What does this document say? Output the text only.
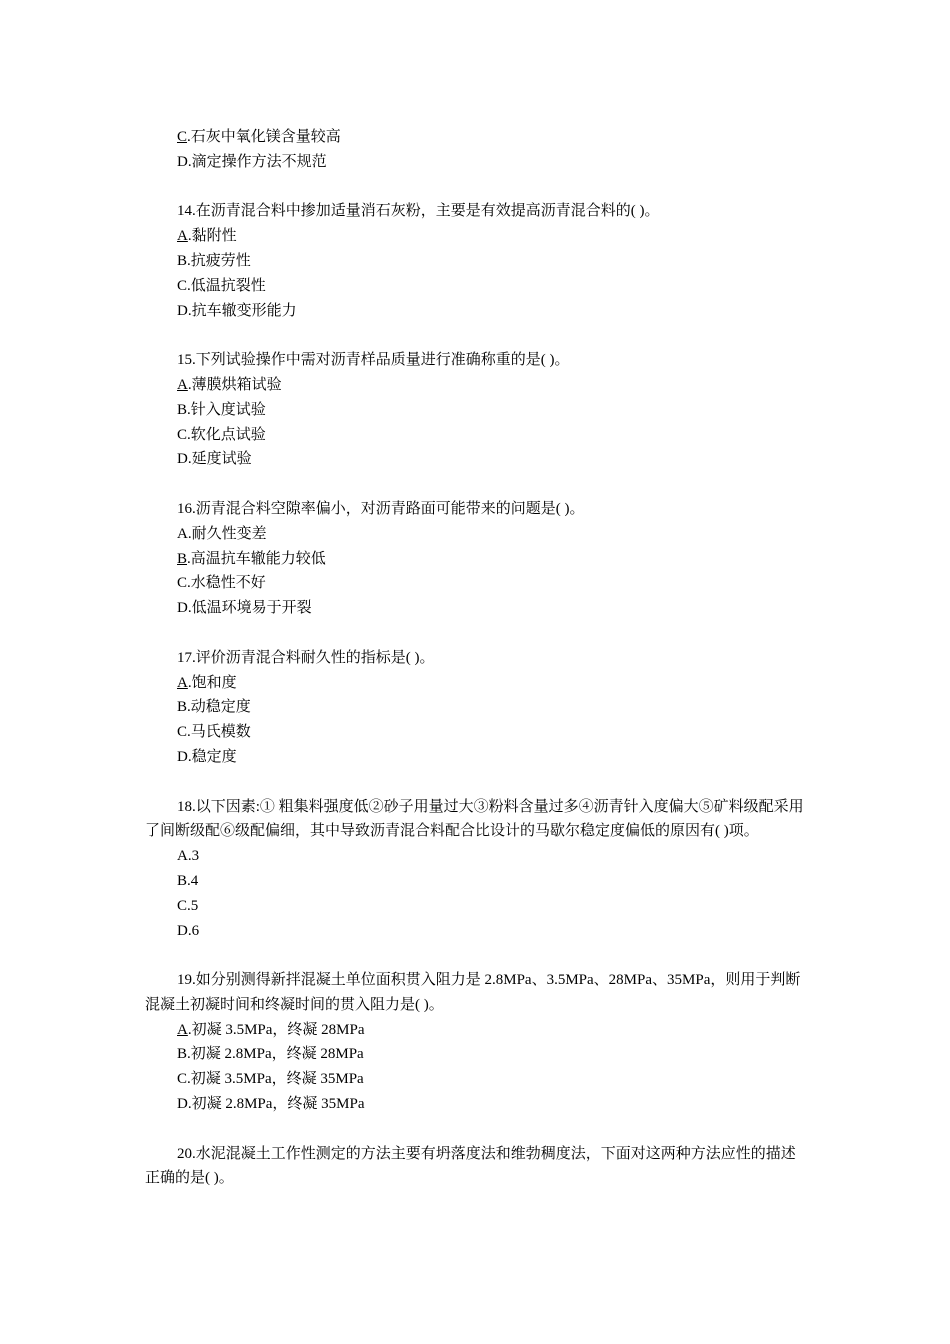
C.石灰中氧化镁含量较高
D.滴定操作方法不规范
14.在沥青混合料中掺加适量消石灰粉，主要是有效提高沥青混合料的( )。
A.黏附性
B.抗疲劳性
C.低温抗裂性
D.抗车辙变形能力
15.下列试验操作中需对沥青样品质量进行准确称重的是( )。
A.薄膜烘箱试验
B.针入度试验
C.软化点试验
D.延度试验
16.沥青混合料空隙率偏小，对沥青路面可能带来的问题是( )。
A.耐久性变差
B.高温抗车辙能力较低
C.水稳性不好
D.低温环境易于开裂
17.评价沥青混合料耐久性的指标是( )。
A.饱和度
B.动稳定度
C.马氏模数
D.稳定度
18.以下因素:① 粗集料强度低②砂子用量过大③粉料含量过多④沥青针入度偏大⑤矿料级配采用了间断级配⑥级配偏细，其中导致沥青混合料配合比设计的马歇尔稳定度偏低的原因有( )项。
A.3
B.4
C.5
D.6
19.如分别测得新拌混凝土单位面积贯入阻力是 2.8MPa、3.5MPa、28MPa、35MPa，则用于判断混凝土初凝时间和终凝时间的贯入阻力是( )。
A.初凝 3.5MPa，终凝 28MPa
B.初凝 2.8MPa，终凝 28MPa
C.初凝 3.5MPa，终凝 35MPa
D.初凝 2.8MPa，终凝 35MPa
20.水泥混凝土工作性测定的方法主要有坍落度法和维勃稠度法，下面对这两种方法应性的描述正确的是( )。
